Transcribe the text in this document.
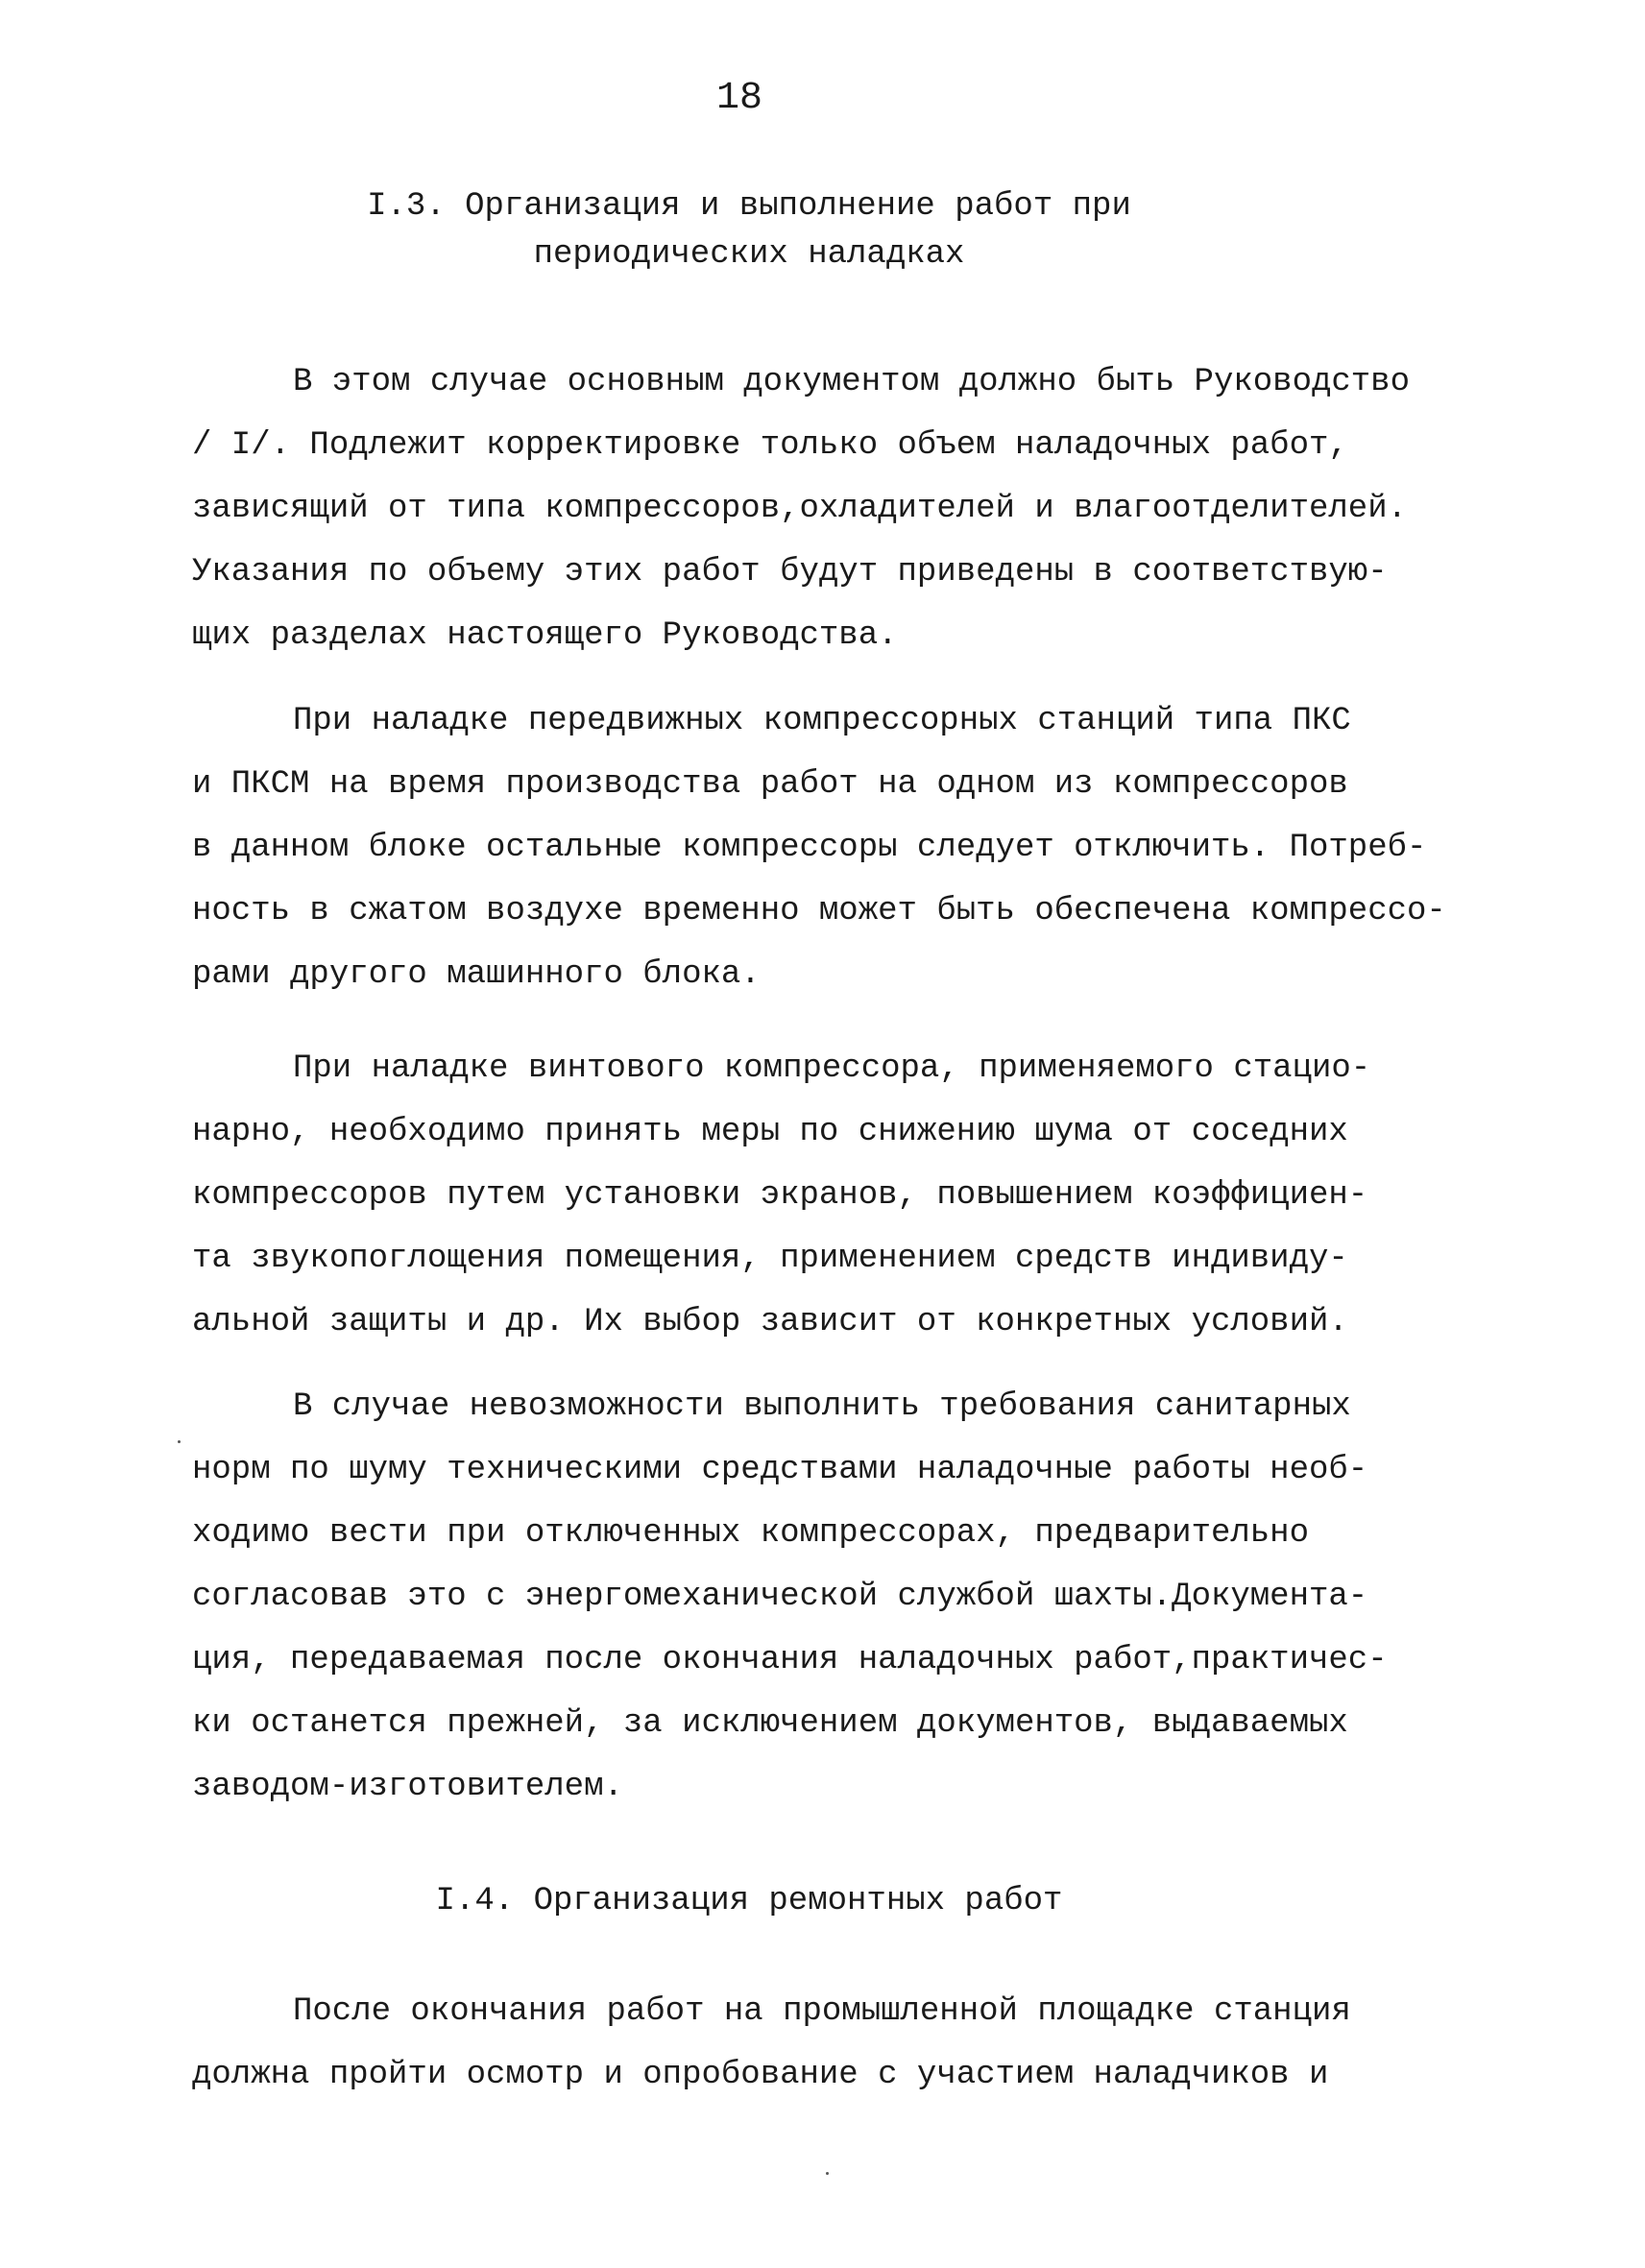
18
I.3. Организация и выполнение работ при
периодических наладках

В этом случае основным документом должно быть Руководство
/ I/. Подлежит корректировке только объем наладочных работ,
зависящий от типа компрессоров,охладителей и влагоотделителей.
Указания по объему этих работ будут приведены в соответствую-
щих разделах настоящего Руководства.

При наладке передвижных компрессорных станций типа ПКС
и ПКСМ на время производства работ на одном из компрессоров
в данном блоке остальные компрессоры следует отключить. Потреб-
ность в сжатом воздухе временно может быть обеспечена компрессо-
рами другого машинного блока.

При наладке винтового компрессора, применяемого стацио-
нарно, необходимо принять меры по снижению шума от соседних
компрессоров путем установки экранов, повышением коэффициен-
та звукопоглощения помещения, применением средств индивиду-
альной защиты и др. Их выбор зависит от конкретных условий.

В случае невозможности выполнить требования санитарных
норм по шуму техническими средствами наладочные работы необ-
ходимо вести при отключенных компрессорах, предварительно
согласовав это с энергомеханической службой шахты.Документа-
ция, передаваемая после окончания наладочных работ,практичес-
ки останется прежней, за исключением документов, выдаваемых
заводом-изготовителем.

I.4. Организация ремонтных работ

После окончания работ на промышленной площадке станция
должна пройти осмотр и опробование с участием наладчиков и
